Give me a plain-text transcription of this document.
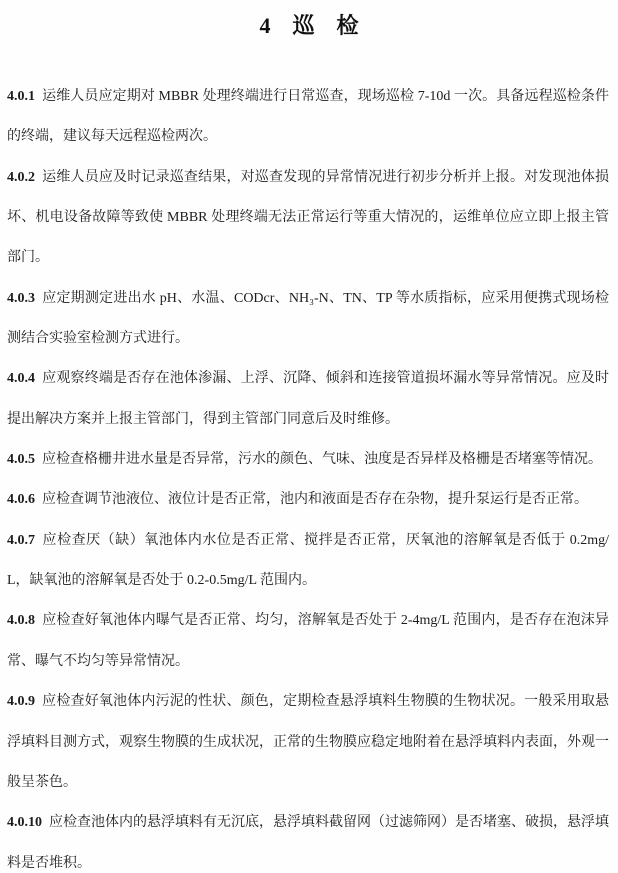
4　巡　检

4.0.1 运维人员应定期对 MBBR 处理终端进行日常巡查，现场巡检 7-10d 一次。具备远程巡检条件的终端，建议每天远程巡检两次。

4.0.2 运维人员应及时记录巡查结果，对巡查发现的异常情况进行初步分析并上报。对发现池体损坏、机电设备故障等致使 MBBR 处理终端无法正常运行等重大情况的，运维单位应立即上报主管部门。

4.0.3 应定期测定进出水 pH、水温、CODcr、NH₃-N、TN、TP 等水质指标，应采用便携式现场检测结合实验室检测方式进行。

4.0.4 应观察终端是否存在池体渗漏、上浮、沉降、倾斜和连接管道损坏漏水等异常情况。应及时提出解决方案并上报主管部门，得到主管部门同意后及时维修。

4.0.5 应检查格栅井进水量是否异常，污水的颜色、气味、浊度是否异样及格栅是否堵塞等情况。

4.0.6 应检查调节池液位、液位计是否正常，池内和液面是否存在杂物，提升泵运行是否正常。

4.0.7 应检查厌（缺）氧池体内水位是否正常、搅拌是否正常，厌氧池的溶解氧是否低于 0.2mg/L，缺氧池的溶解氧是否处于 0.2-0.5mg/L 范围内。

4.0.8 应检查好氧池体内曝气是否正常、均匀，溶解氧是否处于 2-4mg/L 范围内，是否存在泡沫异常、曝气不均匀等异常情况。

4.0.9 应检查好氧池体内污泥的性状、颜色，定期检查悬浮填料生物膜的生物状况。一般采用取悬浮填料目测方式，观察生物膜的生成状况，正常的生物膜应稳定地附着在悬浮填料内表面，外观一般呈茶色。

4.0.10 应检查池体内的悬浮填料有无沉底，悬浮填料截留网（过滤筛网）是否堵塞、破损，悬浮填料是否堆积。
